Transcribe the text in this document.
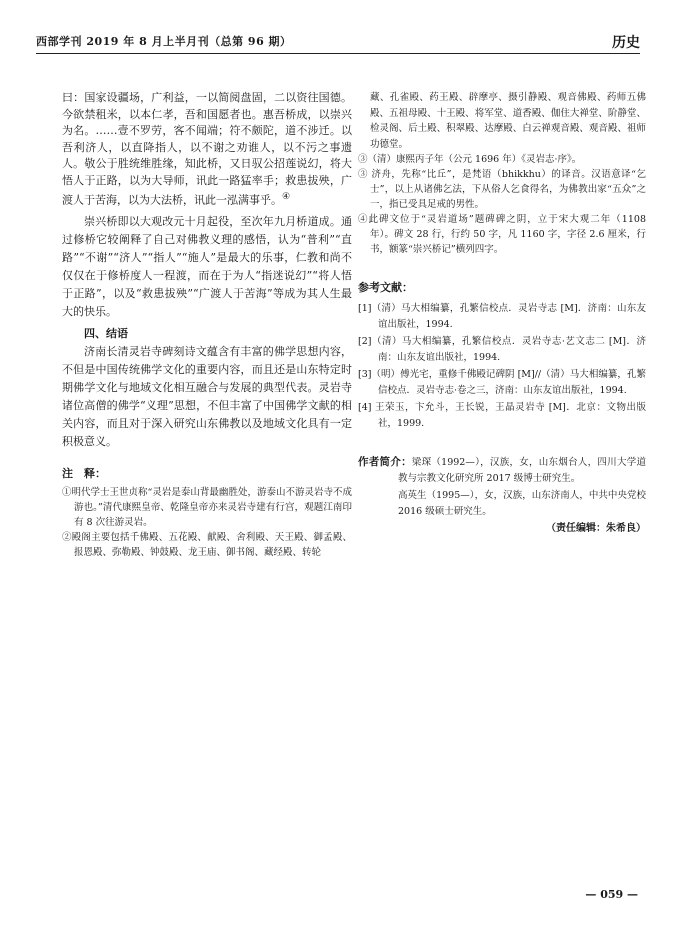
西部学刊 2019 年 8 月上半月刊（总第 96 期）	历史

曰：国家设疆场，广利益，一以简阅盘固，二以资往国德。今欲禁租米，以本仁孝，吾和国愿者也。惠吾桥成，以崇兴为名。……壹不罗劳，客不闻端；符不颇陀，道不涉迁。以吾利济人，以直降指人，以不谢之劝谁人，以不污之事遗人。敬公于胜统维胜缘，知此桥，又日驭公招莲说幻，将大悟人于正路，以为大导师，讯此一路猛率手；救患拔殃，广渡人于苦海，以为大法桥，讯此一泓满事乎。④

崇兴桥即以大观改元十月起役，至次年九月桥道成。通过修桥它较阐释了自己对佛教义理的感悟，认为“普利”“直路”“不谢”“济人”“指人”“施人”是最大的乐事，仁教和尚不仅仅在于修桥度人一程渡，而在于为人“指迷说幻”“将人悟于正路”，以及“救患拔殃”“广渡人于苦海”等成为其人生最大的快乐。

四、结语

济南长清灵岩寺碑刻诗文蕴含有丰富的佛学思想内容，不但是中国传统佛学文化的重要内容，而且还是山东特定时期佛学文化与地域文化相互融合与发展的典型代表。灵岩寺诸位高僧的佛学“义理”思想，不但丰富了中国佛学文献的相关内容，而且对于深入研究山东佛教以及地域文化具有一定积极意义。

注　释：

①明代学士王世贞称“灵岩是泰山背最幽胜处，游泰山不游灵岩寺不成游也。”清代康熙皇帝、乾隆皇帝亦来灵岩寺建有行宫，观题江南印有 8 次往游灵岩。

②殿阁主要包括千佛殿、五花殿、献殿、舍利殿、天王殿、御孟殿、报恩殿、弥勒殿、钟鼓殿、龙王庙、御书阁、藏经殿、转轮

藏、孔雀殿、药王殿、辟摩亭、摄引静殿、观音佛殿、药师五佛殿、五祖母殿、十王殿、将军堂、道香殿、伽住大禅堂、阶静堂、检灵阁、后土殿、积翠殿、达摩殿、白云禅观音殿、观音殿、祖师功德堂。

③（清）康熙丙子年（公元 1696 年）《灵岩志·序》。

③ 济舟，先称“比丘”，是梵语（bhikkhu）的译音。汉语意译“乞士”，以上从诸佛乞法，下从俗人乞食得名，为佛教出家“五众”之一，指已受具足戒的男性。

④此碑文位于“灵岩道场”题碑碑之阴，立于宋大观二年（1108 年）。碑文 28 行，行约 50 字，凡 1160 字，字径 2.6 厘米，行书，额篆“崇兴桥记”横列四字。

参考文献：

[1]（清）马大相编纂，孔繁信校点．灵岩寺志 [M]．济南：山东友谊出版社，1994.

[2]（清）马大相编纂，孔繁信校点．灵岩寺志·艺文志二 [M]．济南：山东友谊出版社，1994.

[3]（明）傅光宅，重修千佛殿记碑阴 [M]//（清）马大相编纂，孔繁信校点．灵岩寺志·卷之三，济南：山东友谊出版社，1994.

[4] 王荣玉，卞允斗，王长锐，王晶灵岩寺 [M]．北京：文物出版社，1999.

作者简介：梁琛（1992—），汉族，女，山东烟台人，四川大学道教与宗教文化研究所 2017 级博士研究生。

高英生（1995—），女，汉族，山东济南人，中共中央党校 2016 级硕士研究生。

（责任编辑：朱希良）
— 059 —
